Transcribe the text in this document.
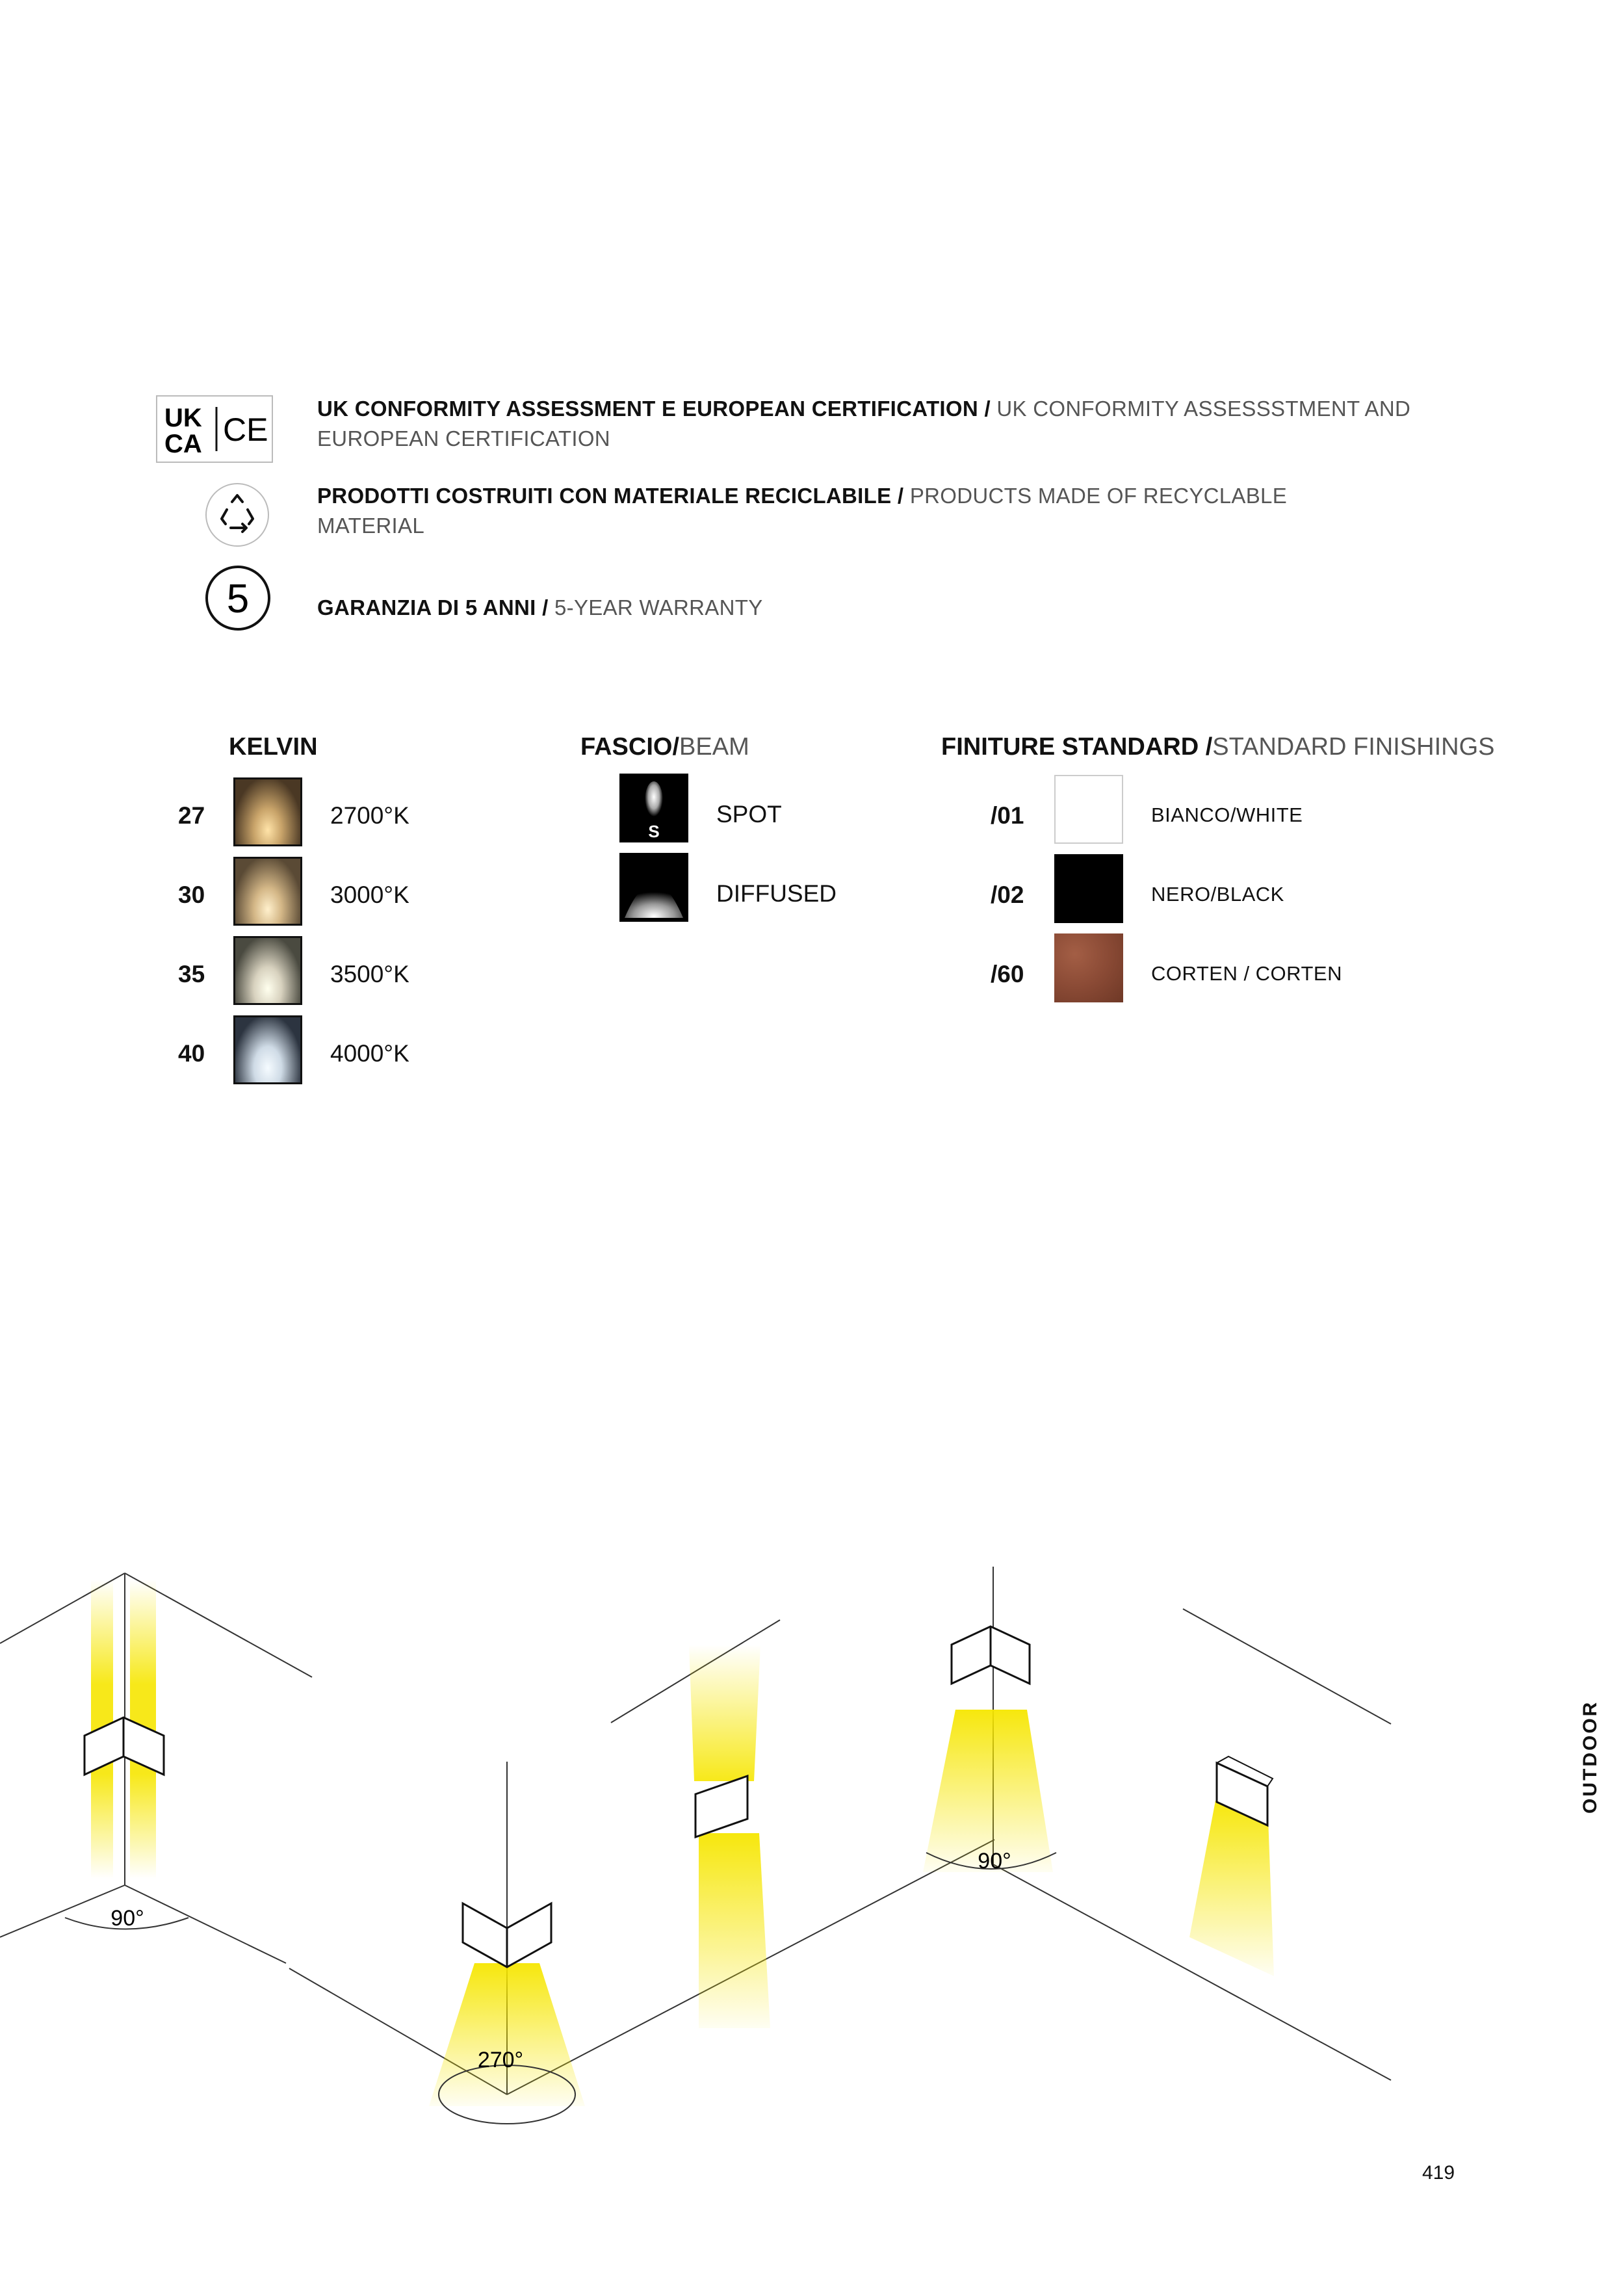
UK
CA CE
UK CONFORMITY ASSESSMENT E EUROPEAN CERTIFICATION / UK CONFORMITY ASSESSSTMENT AND
EUROPEAN CERTIFICATION
PRODOTTI COSTRUITI CON MATERIALE RECICLABILE / PRODUCTS MADE OF RECYCLABLE
MATERIAL
5	GARANZIA DI 5 ANNI / 5-YEAR WARRANTY
KELVIN
27	2700°K
30	3000°K
35	3500°K
40	4000°K
FASCIO/BEAM
S
SPOT
DIFFUSED
FINITURE STANDARD /STANDARD FINISHINGS
/01	BIANCO/WHITE
/02	NERO/BLACK
/60	CORTEN / CORTEN
90°
270°
90°
OUTDOOR
419
